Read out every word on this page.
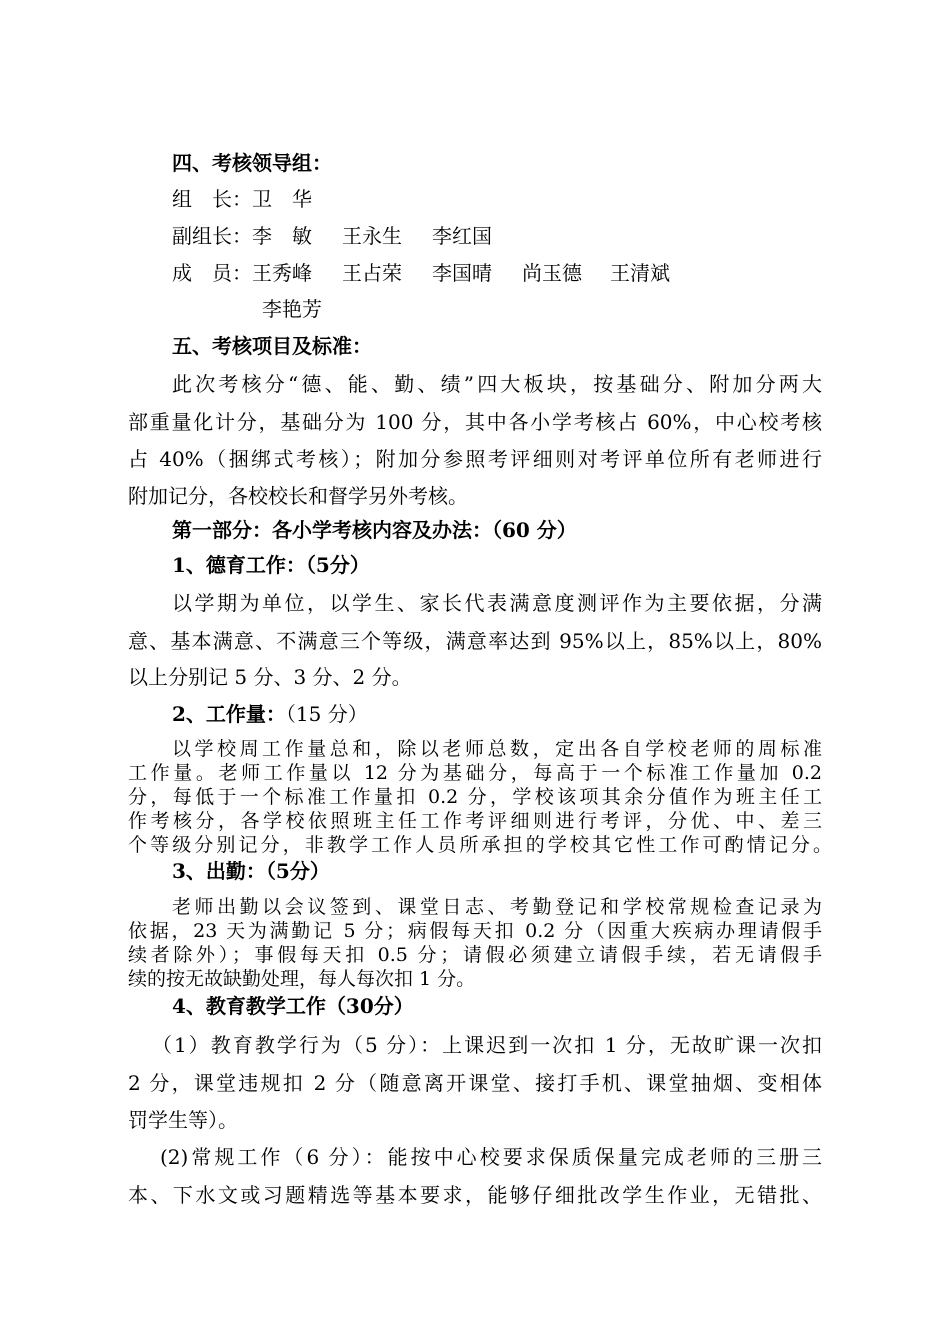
四、考核领导组：
组　长：卫　华
副组长：李　敏 王永生 李红国
成　员：王秀峰 王占荣 李国晴 尚玉德 王清斌
李艳芳
五、考核项目及标准：
此次考核分“德、能、勤、绩”四大板块，按基础分、附加分两大
部重量化计分，基础分为 100 分，其中各小学考核占 60%，中心校考核
占 40%（捆绑式考核）；附加分参照考评细则对考评单位所有老师进行
附加记分，各校校长和督学另外考核。
第一部分：各小学考核内容及办法：（60 分）
1、德育工作：（5分）
以学期为单位，以学生、家长代表满意度测评作为主要依据，分满
意、基本满意、不满意三个等级，满意率达到 95%以上，85%以上，80%
以上分别记 5 分、3 分、2 分。
2、工作量：（15 分）
以学校周工作量总和，除以老师总数，定出各自学校老师的周标准
工作量。老师工作量以 12 分为基础分，每高于一个标准工作量加 0.2
分，每低于一个标准工作量扣 0.2 分，学校该项其余分值作为班主任工
作考核分，各学校依照班主任工作考评细则进行考评，分优、中、差三
个等级分别记分，非教学工作人员所承担的学校其它性工作可酌情记分。
3、出勤：（5分）
老师出勤以会议签到、课堂日志、考勤登记和学校常规检查记录为
依据，23 天为满勤记 5 分；病假每天扣 0.2 分（因重大疾病办理请假手
续者除外）；事假每天扣 0.5 分；请假必须建立请假手续，若无请假手
续的按无故缺勤处理，每人每次扣 1 分。
4、教育教学工作（30分）
（1）教育教学行为（5 分）：上课迟到一次扣 1 分，无故旷课一次扣
2 分，课堂违规扣 2 分（随意离开课堂、接打手机、课堂抽烟、变相体
罚学生等）。
(2)常规工作（6 分）：能按中心校要求保质保量完成老师的三册三
本、下水文或习题精选等基本要求，能够仔细批改学生作业，无错批、
